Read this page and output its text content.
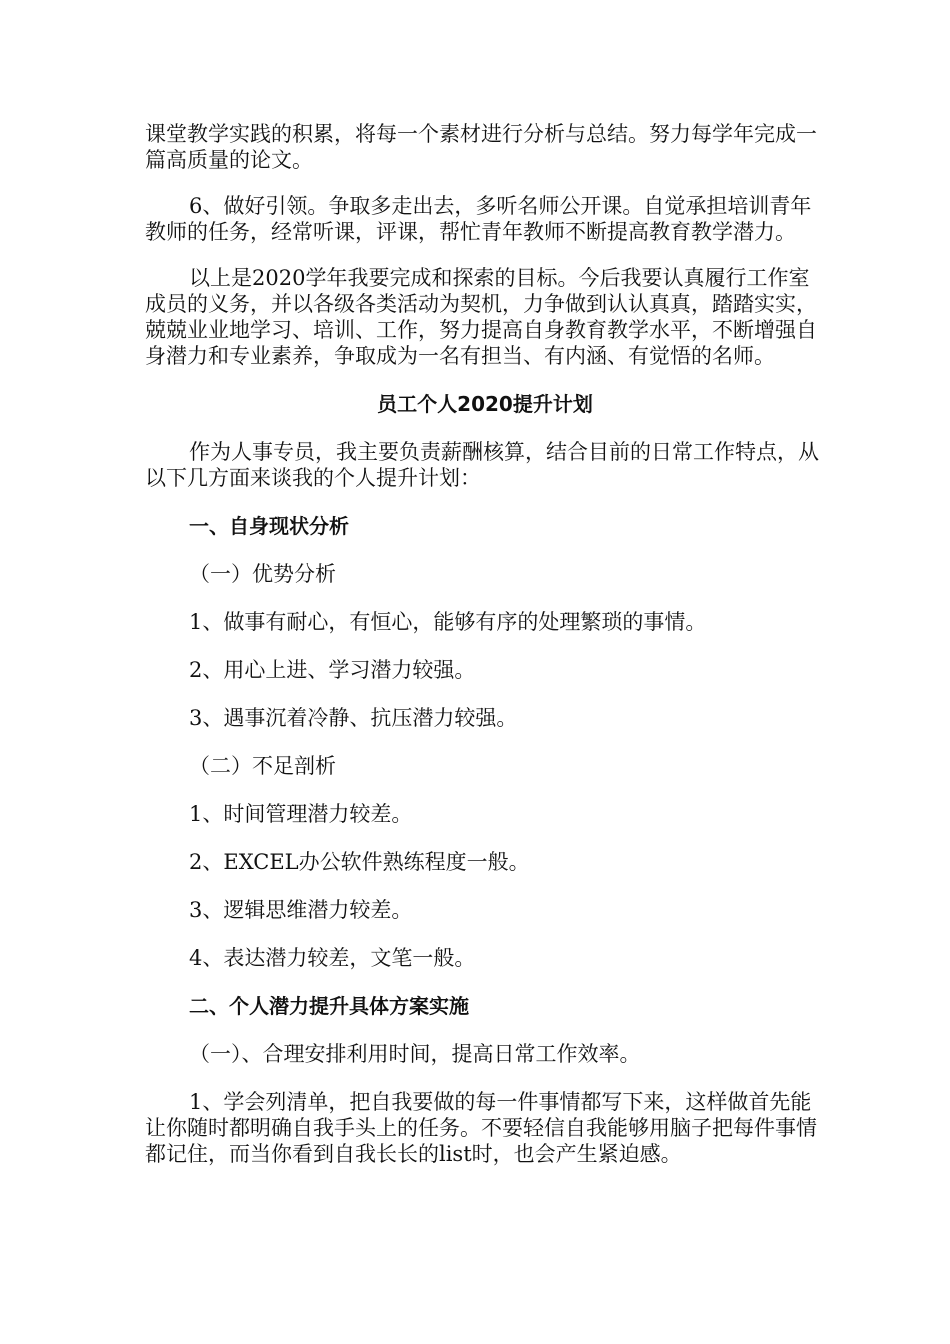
课堂教学实践的积累，将每一个素材进行分析与总结。努力每学年完成一篇高质量的论文。

6、做好引领。争取多走出去，多听名师公开课。自觉承担培训青年教师的任务，经常听课，评课，帮忙青年教师不断提高教育教学潜力。

以上是2020学年我要完成和探索的目标。今后我要认真履行工作室成员的义务，并以各级各类活动为契机，力争做到认认真真，踏踏实实，兢兢业业地学习、培训、工作，努力提高自身教育教学水平，不断增强自身潜力和专业素养，争取成为一名有担当、有内涵、有觉悟的名师。

员工个人2020提升计划

作为人事专员，我主要负责薪酬核算，结合目前的日常工作特点，从以下几方面来谈我的个人提升计划：

一、自身现状分析

（一）优势分析

1、做事有耐心，有恒心，能够有序的处理繁琐的事情。

2、用心上进、学习潜力较强。

3、遇事沉着冷静、抗压潜力较强。

（二）不足剖析

1、时间管理潜力较差。

2、EXCEL办公软件熟练程度一般。

3、逻辑思维潜力较差。

4、表达潜力较差，文笔一般。

二、个人潜力提升具体方案实施

（一）、合理安排利用时间，提高日常工作效率。

1、学会列清单，把自我要做的每一件事情都写下来，这样做首先能让你随时都明确自我手头上的任务。不要轻信自我能够用脑子把每件事情都记住，而当你看到自我长长的list时，也会产生紧迫感。
